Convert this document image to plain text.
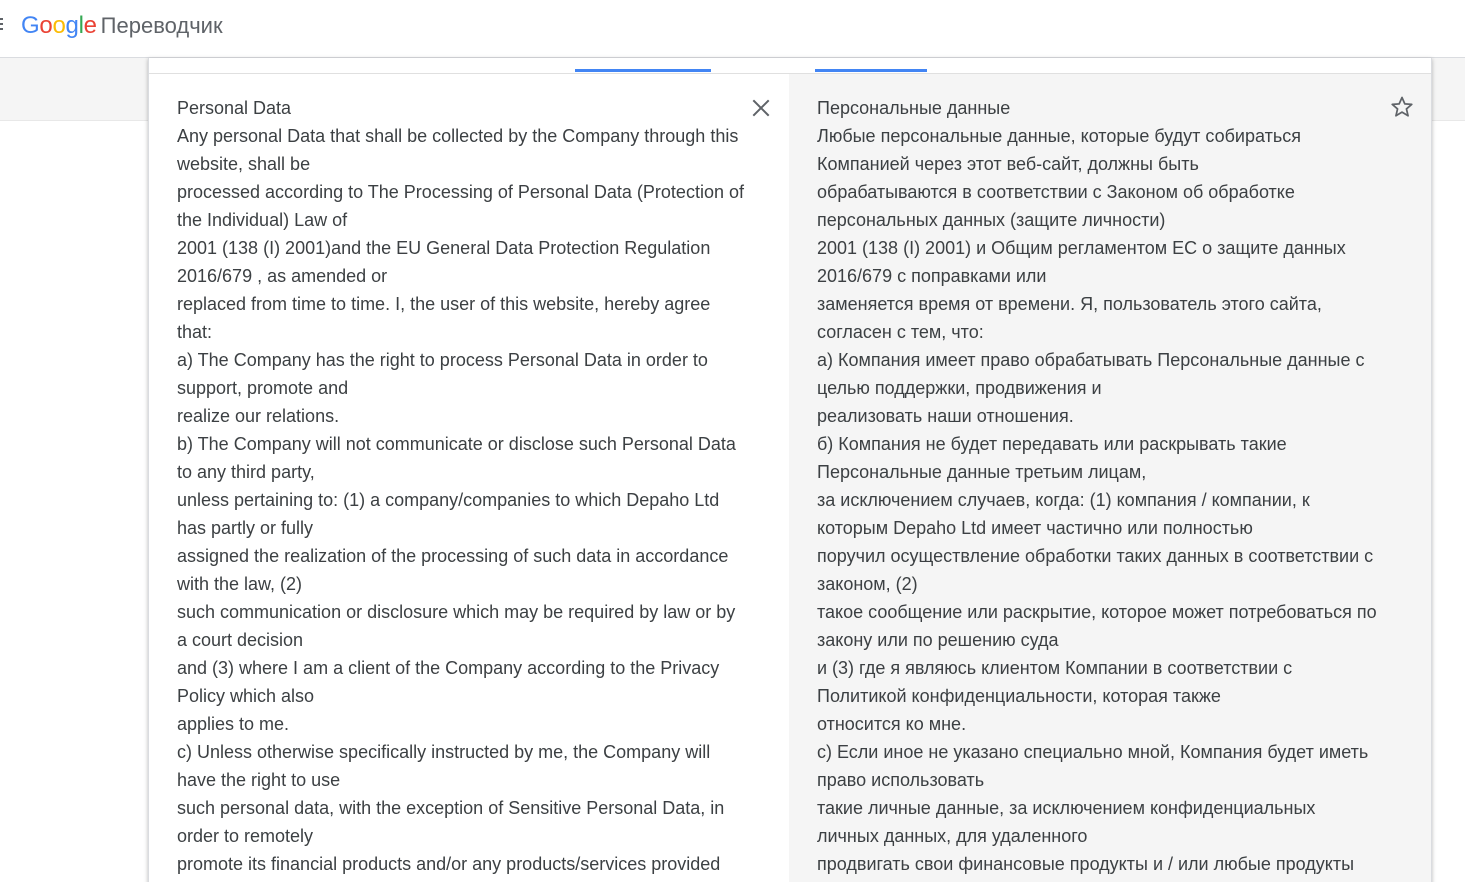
Google Переводчик
Personal Data
Any personal Data that shall be collected by the Company through this website, shall be
processed according to The Processing of Personal Data (Protection of the Individual) Law of
2001 (138 (I) 2001)and the EU General Data Protection Regulation 2016/679 , as amended or
replaced from time to time. I, the user of this website, hereby agree that:
a) The Company has the right to process Personal Data in order to support, promote and
realize our relations.
b) The Company will not communicate or disclose such Personal Data to any third party,
unless pertaining to: (1) a company/companies to which Depaho Ltd has partly or fully
assigned the realization of the processing of such data in accordance with the law, (2)
such communication or disclosure which may be required by law or by a court decision
and (3) where I am a client of the Company according to the Privacy Policy which also
applies to me.
c) Unless otherwise specifically instructed by me, the Company will have the right to use
such personal data, with the exception of Sensitive Personal Data, in order to remotely
promote its financial products and/or any products/services provided
Персональные данные
Любые персональные данные, которые будут собираться Компанией через этот веб-сайт, должны быть
обрабатываются в соответствии с Законом об обработке персональных данных (защите личности)
2001 (138 (I) 2001) и Общим регламентом ЕС о защите данных 2016/679 с поправками или
заменяется время от времени. Я, пользователь этого сайта, согласен с тем, что:
а) Компания имеет право обрабатывать Персональные данные с целью поддержки, продвижения и
реализовать наши отношения.
б) Компания не будет передавать или раскрывать такие Персональные данные третьим лицам,
за исключением случаев, когда: (1) компания / компании, к которым Depaho Ltd имеет частично или полностью
поручил осуществление обработки таких данных в соответствии с законом, (2)
такое сообщение или раскрытие, которое может потребоваться по закону или по решению суда
и (3) где я являюсь клиентом Компании в соответствии с Политикой конфиденциальности, которая также
относится ко мне.
c) Если иное не указано специально мной, Компания будет иметь право использовать
такие личные данные, за исключением конфиденциальных личных данных, для удаленного
продвигать свои финансовые продукты и / или любые продукты
